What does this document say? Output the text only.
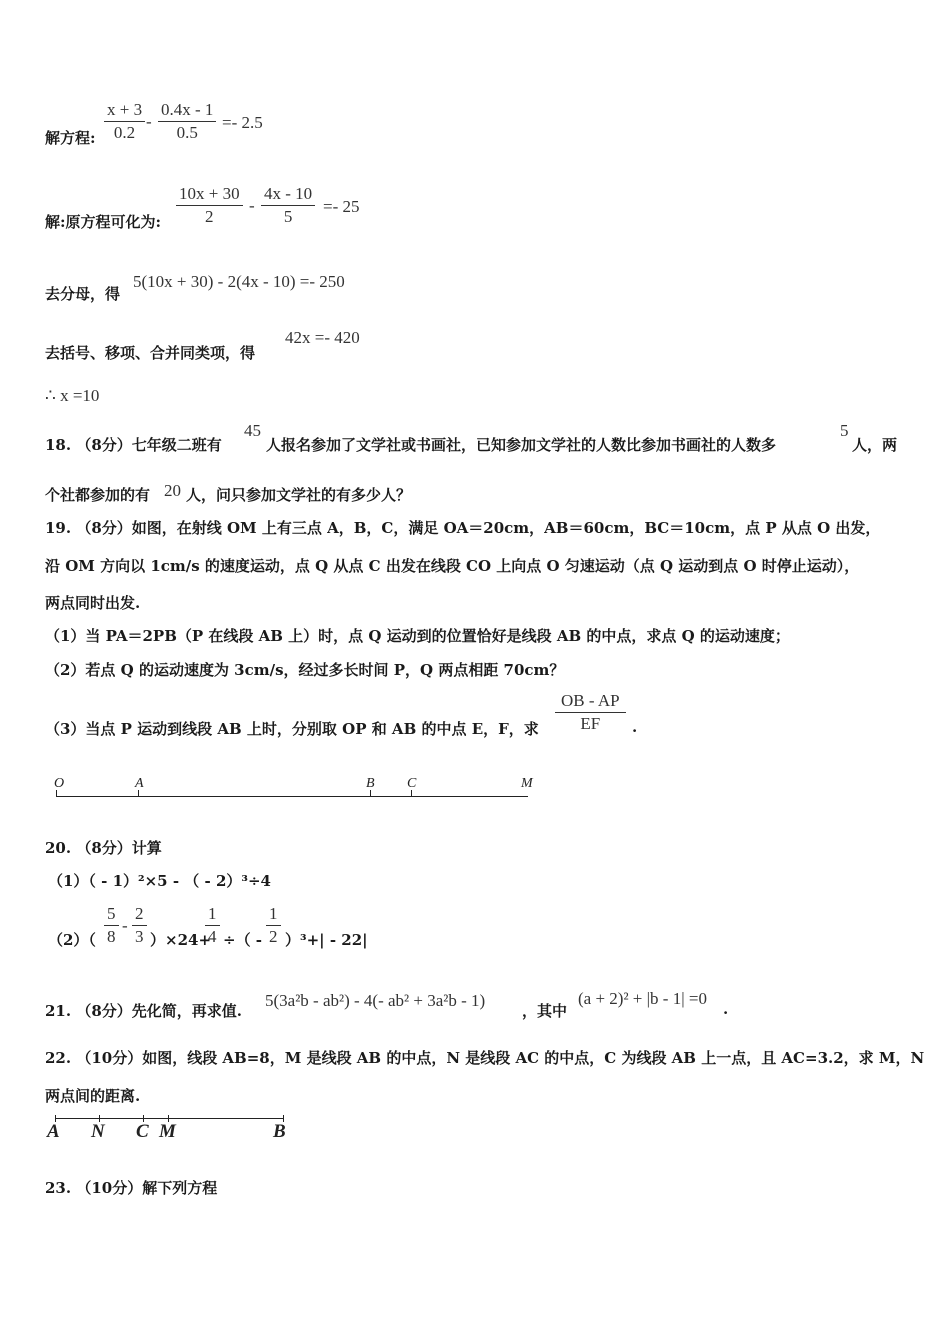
解方程: $\frac{x + 3}{0.2} - \frac{0.4x - 1}{0.5} =- 2.5$
解:原方程可化为: $\frac{10x + 30}{2} - \frac{4x - 10}{5} =- 25$
去分母，得
5(10x + 30) - 2(4x - 10) =- 250
去括号、移项、合并同类项，得
42x =- 420
∴ x =10
18. （8分）七年级二班有
45
人报名参加了文学社或书画社，已知参加文学社的人数比参加书画社的人数多
5
人，两
个社都参加的有 20 人，问只参加文学社的有多少人？
19. （8分）如图，在射线 OM 上有三点 A，B，C，满足 OA＝20cm，AB＝60cm，BC＝10cm，点 P 从点 O 出发，
沿 OM 方向以 1cm/s 的速度运动，点 Q 从点 C 出发在线段 CO 上向点 O 匀速运动（点 Q 运动到点 O 时停止运动），
两点同时出发.
（1）当 PA＝2PB（P 在线段 AB 上）时，点 Q 运动到的位置恰好是线段 AB 的中点，求点 Q 的运动速度；
（2）若点 Q 的运动速度为 3cm/s，经过多长时间 P，Q 两点相距 70cm？
（3）当点 P 运动到线段 AB 上时，分别取 OP 和 AB 的中点 E，F，求 $\frac{OB - AP}{EF}$ .
O	A	B C	M
20. （8分）计算
（1）（ - 1）²×5 - （ - 2）³÷4
$(2)( \frac{5}{8} - \frac{2}{3} )\times 24+$
$\frac{1}{4}$ ÷（ - $\frac{1}{2} )^3+| - 22|$
21. （8分）先化简，再求值.
5(3a²b - ab²) - 4(- ab² + 3a²b - 1)
，其中
(a + 2)² + |b - 1| =0
.
22. （10分）如图，线段 AB=8，M 是线段 AB 的中点，N 是线段 AC 的中点，C 为线段 AB 上一点，且 AC=3.2，求 M，N
两点间的距离.
A N C M	B
23. （10分）解下列方程
